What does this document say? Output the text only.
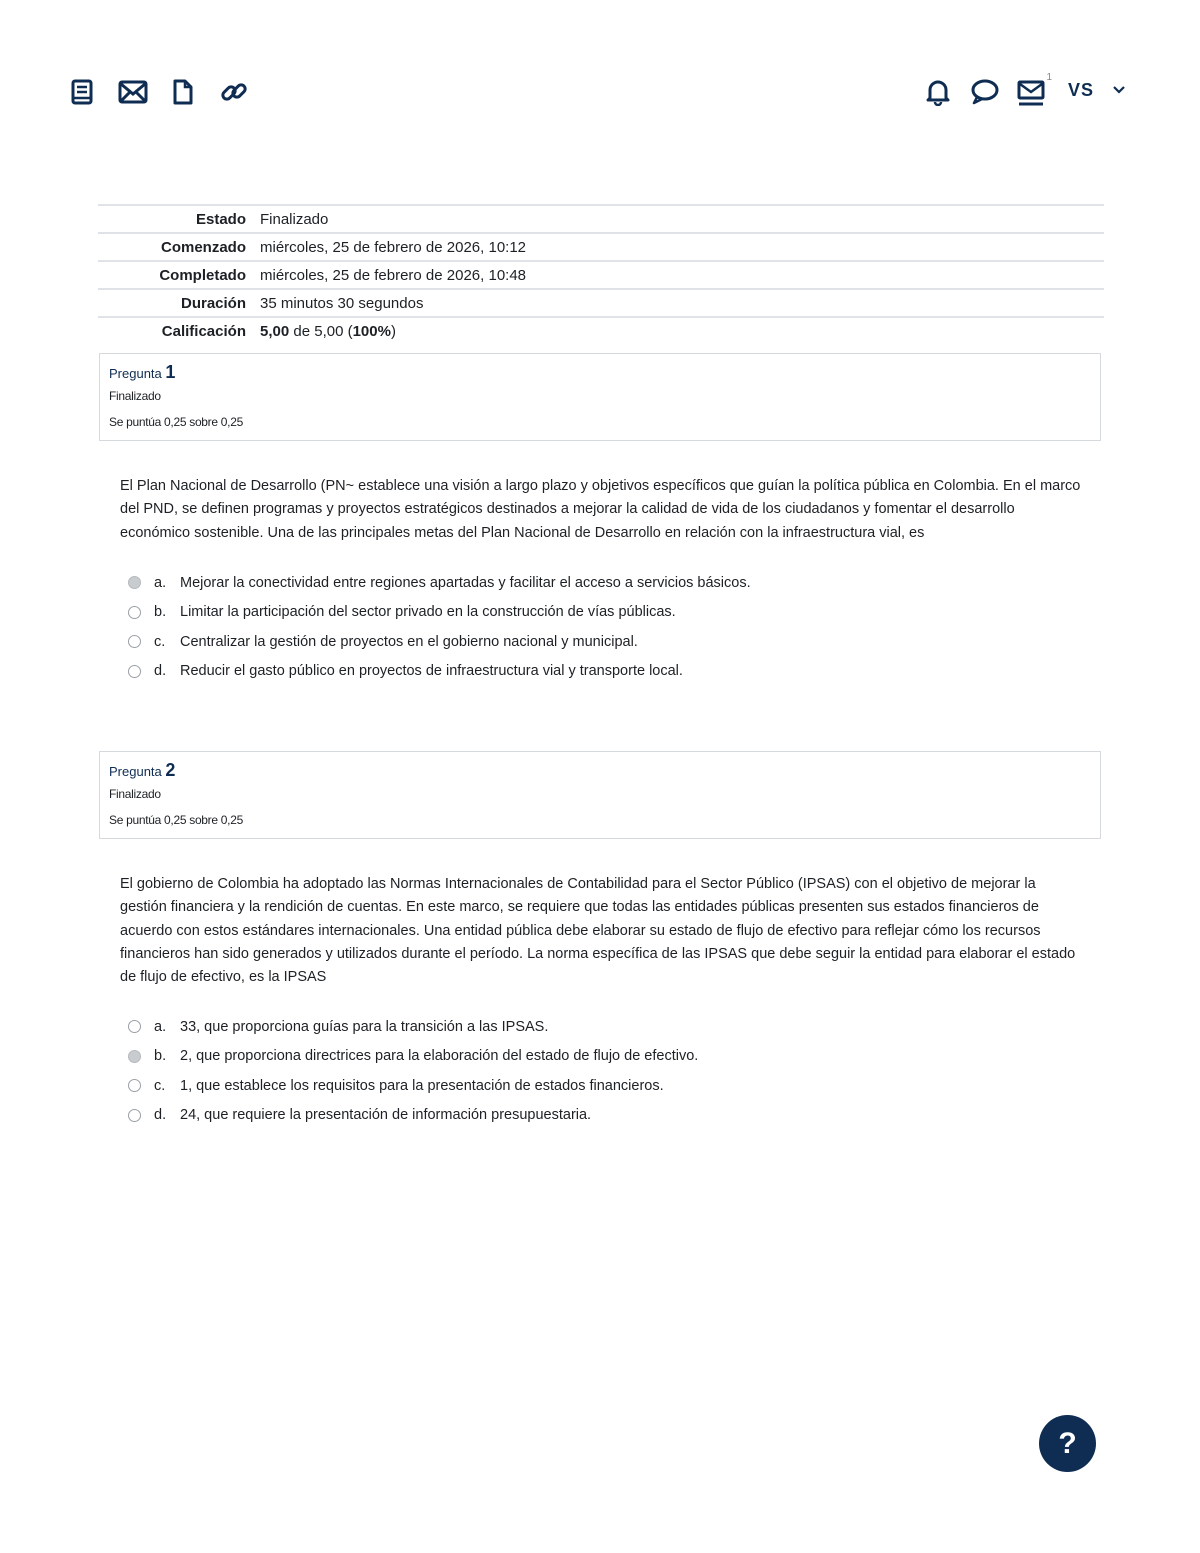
1
VS
Estado	Finalizado
Comenzado	miércoles, 25 de febrero de 2026, 10:12
Completado	miércoles, 25 de febrero de 2026, 10:48
Duración	35 minutos 30 segundos
Calificación	5,00 de 5,00 (100%)
Pregunta 1
Finalizado
Se puntúa 0,25 sobre 0,25
El Plan Nacional de Desarrollo (PN~ establece una visión a largo plazo y objetivos específicos que guían la política pública en Colombia. En el marco del PND, se definen programas y proyectos estratégicos destinados a mejorar la calidad de vida de los ciudadanos y fomentar el desarrollo económico sostenible. Una de las principales metas del Plan Nacional de Desarrollo en relación con la infraestructura vial, es
a. Mejorar la conectividad entre regiones apartadas y facilitar el acceso a servicios básicos.
b. Limitar la participación del sector privado en la construcción de vías públicas.
c.	Centralizar la gestión de proyectos en el gobierno nacional y municipal.
d. Reducir el gasto público en proyectos de infraestructura vial y transporte local.
Pregunta 2
Finalizado
Se puntúa 0,25 sobre 0,25
El gobierno de Colombia ha adoptado las Normas Internacionales de Contabilidad para el Sector Público (IPSAS) con el objetivo de mejorar la gestión financiera y la rendición de cuentas. En este marco, se requiere que todas las entidades públicas presenten sus estados financieros de acuerdo con estos estándares internacionales. Una entidad pública debe elaborar su estado de flujo de efectivo para reflejar cómo los recursos financieros han sido generados y utilizados durante el período. La norma específica de las IPSAS que debe seguir la entidad para elaborar el estado de flujo de efectivo, es la IPSAS
a. 33, que proporciona guías para la transición a las IPSAS.
b. 2, que proporciona directrices para la elaboración del estado de flujo de efectivo.
c.	1, que establece los requisitos para la presentación de estados financieros.
d. 24, que requiere la presentación de información presupuestaria.
?
